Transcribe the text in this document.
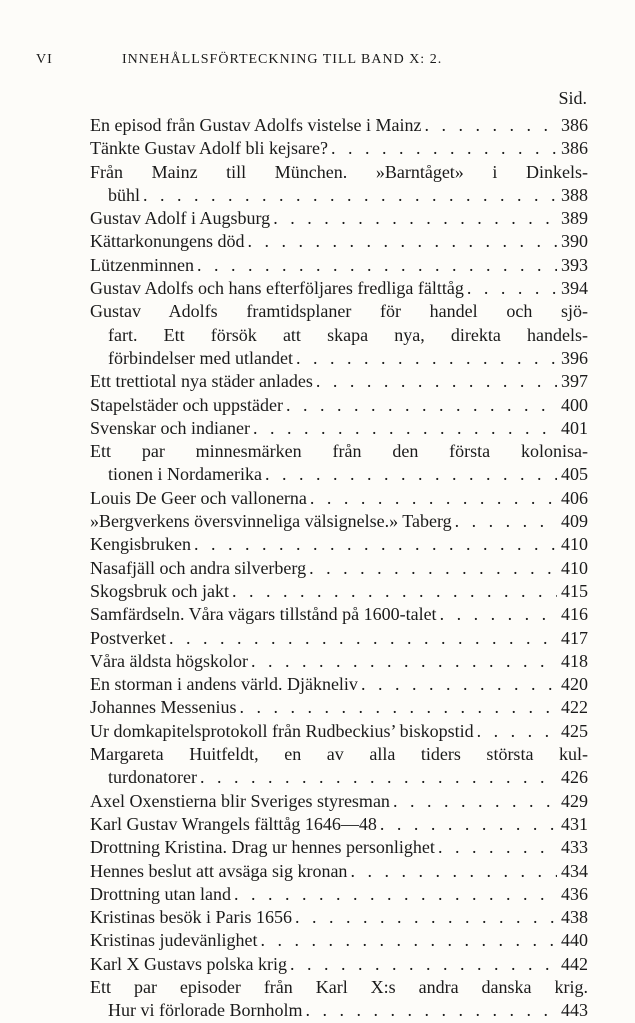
VI	INNEHÅLLSFÖRTECKNING TILL BAND X: 2.
Sid.
En episod från Gustav Adolfs vistelse i Mainz . . .	386
Tänkte Gustav Adolf bli kejsare? . . .	386
Från Mainz till München. »Barntåget» i Dinkels-
bühl . . .	388
Gustav Adolf i Augsburg . . .	389
Kättarkonungens död . . .	390
Lützenminnen . . .	393
Gustav Adolfs och hans efterföljares fredliga fälttåg . . .	394
Gustav Adolfs framtidsplaner för handel och sjö-
fart. Ett försök att skapa nya, direkta handels-
förbindelser med utlandet . . .	396
Ett trettiotal nya städer anlades . . .	397
Stapelstäder och uppstäder . . .	400
Svenskar och indianer . . .	401
Ett par minnesmärken från den första kolonisa-
tionen i Nordamerika . . .	405
Louis De Geer och vallonerna . . .	406
»Bergverkens översvinneliga välsignelse.» Taberg . . .	409
Kengisbruken . . .	410
Nasafjäll och andra silverberg . . .	410
Skogsbruk och jakt . . .	415
Samfärdseln. Våra vägars tillstånd på 1600-talet . . .	416
Postverket . . .	417
Våra äldsta högskolor . . .	418
En storman i andens värld. Djäkneliv . . .	420
Johannes Messenius . . .	422
Ur domkapitelsprotokoll från Rudbeckius’ biskopstid . . .	425
Margareta Huitfeldt, en av alla tiders största kul-
turdonatorer . . .	426
Axel Oxenstierna blir Sveriges styresman . . .	429
Karl Gustav Wrangels fälttåg 1646—48 . . .	431
Drottning Kristina. Drag ur hennes personlighet . . .	433
Hennes beslut att avsäga sig kronan . . .	434
Drottning utan land . . .	436
Kristinas besök i Paris 1656 . . .	438
Kristinas judevänlighet . . .	440
Karl X Gustavs polska krig . . .	442
Ett par episoder från Karl X:s andra danska krig.
Hur vi förlorade Bornholm . . .	443
